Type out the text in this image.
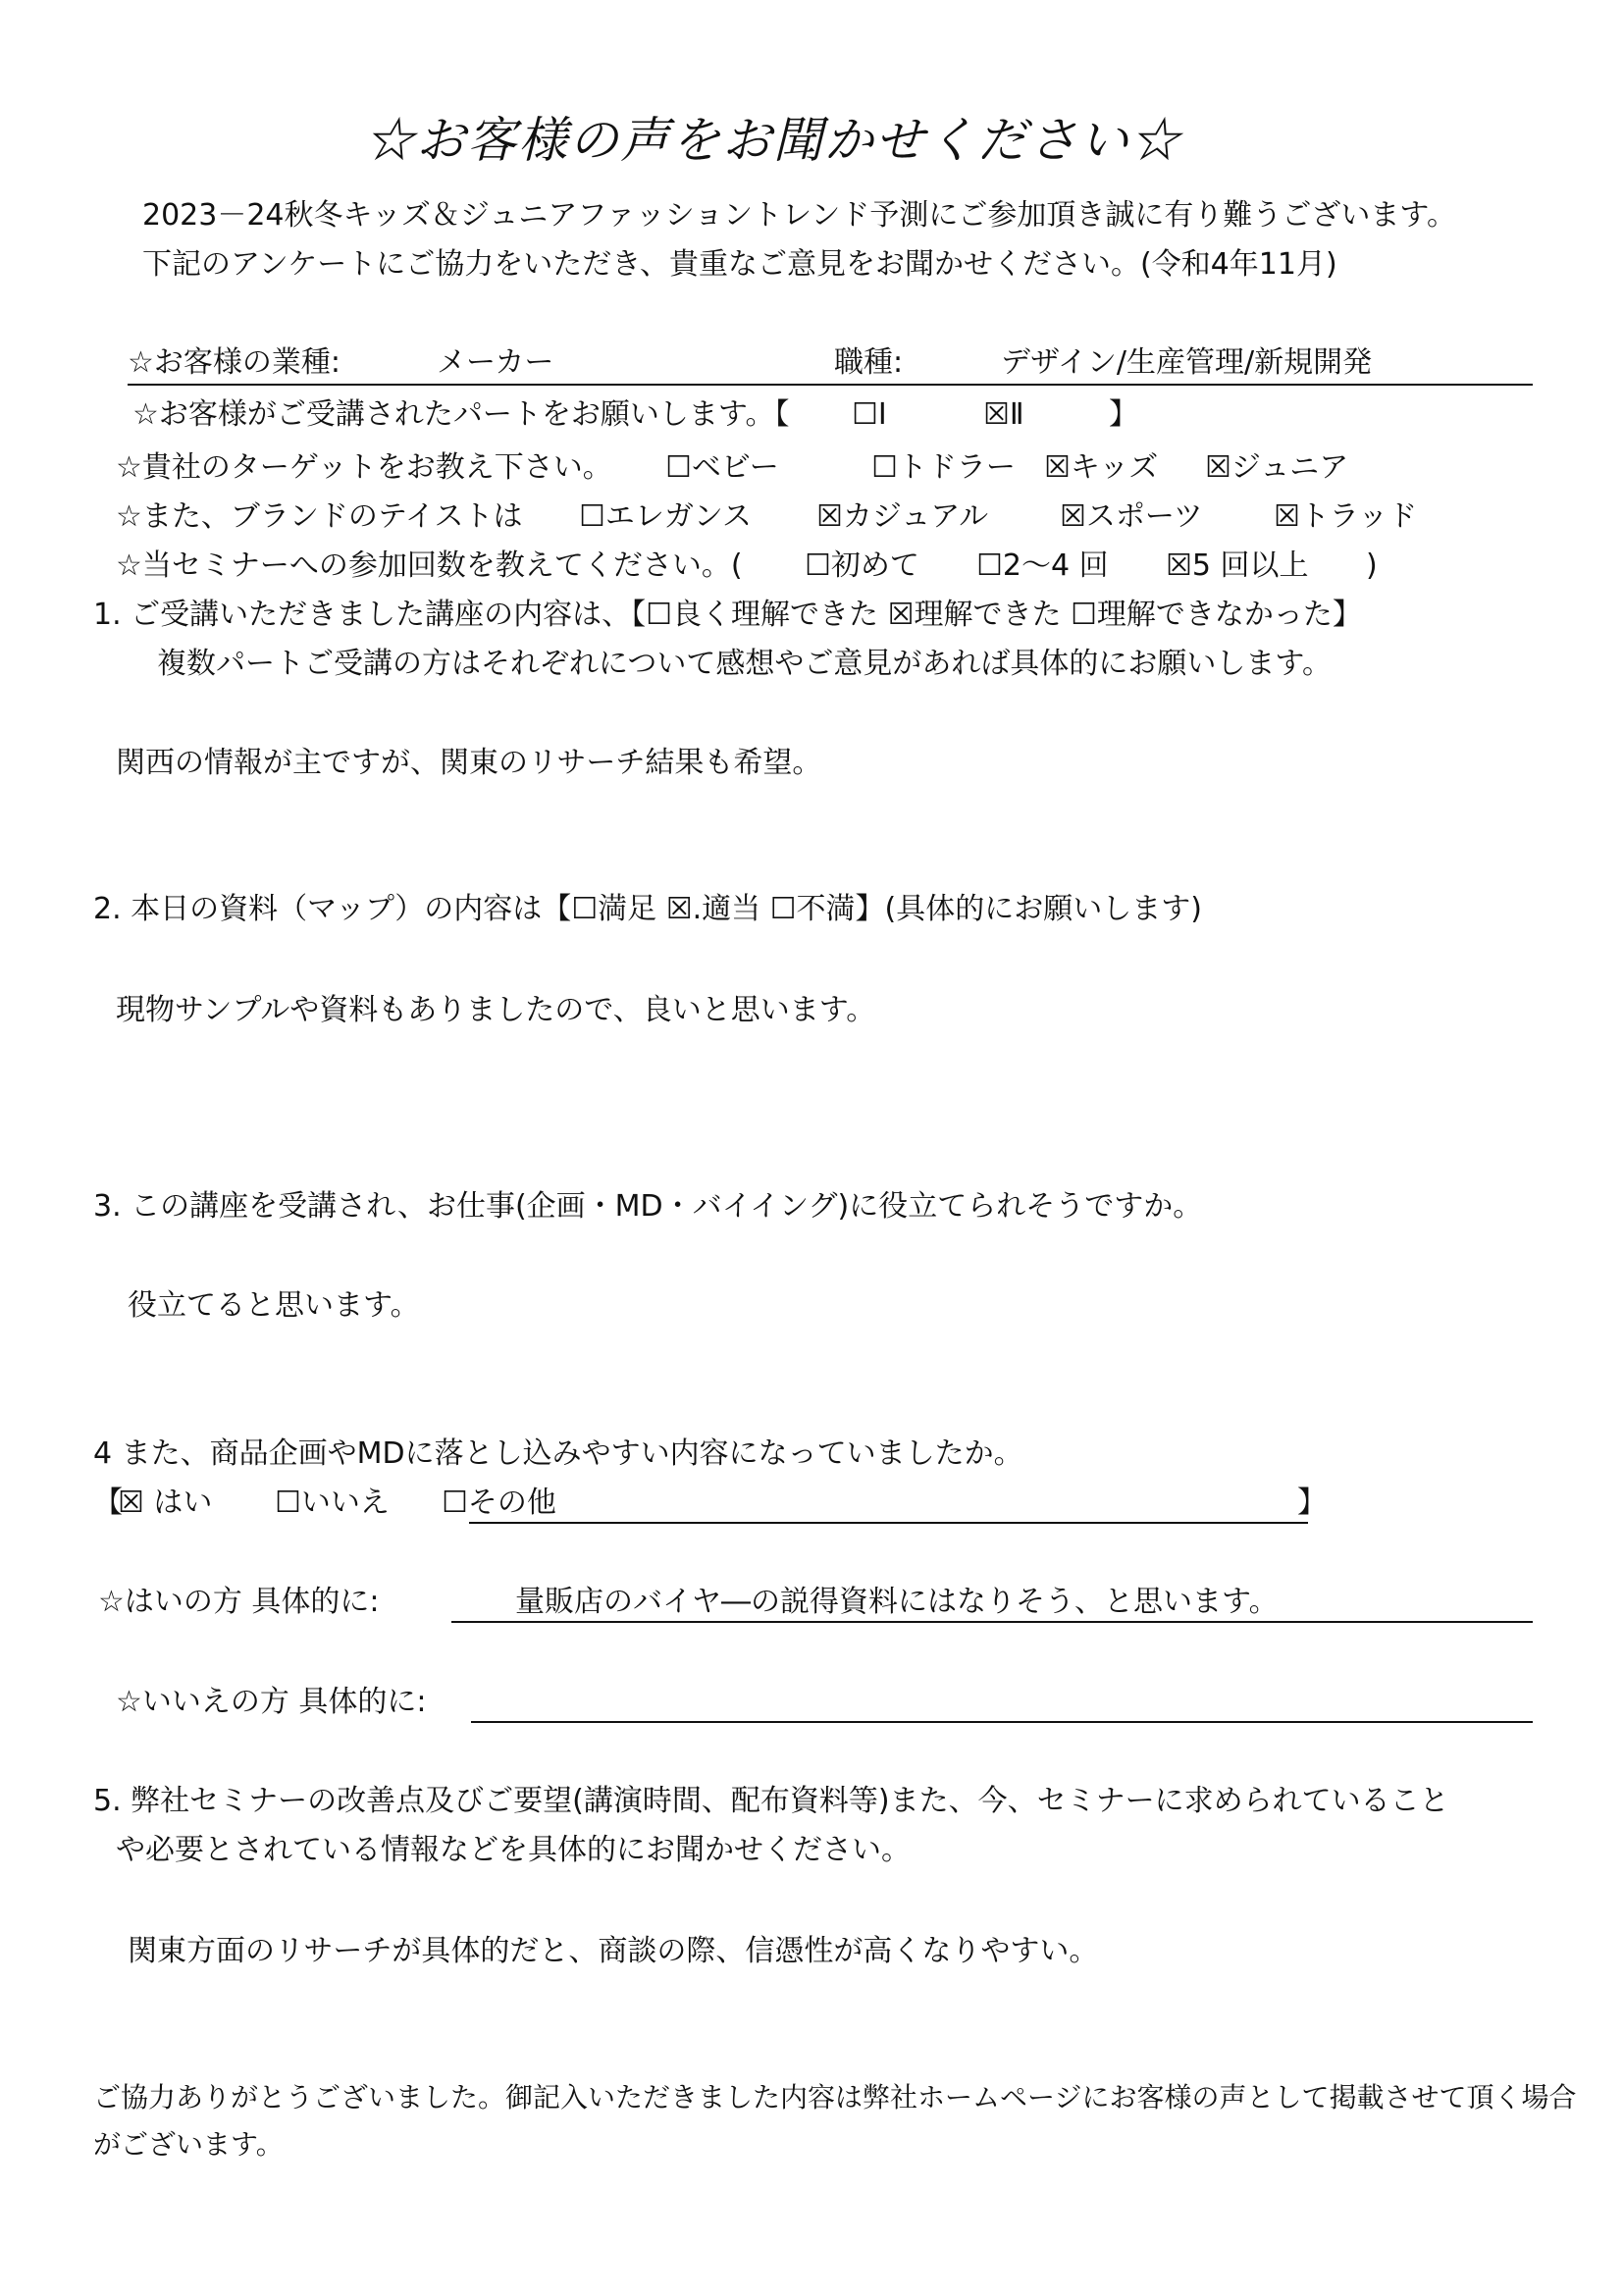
☆お客様の声をお聞かせください☆
2023－24秋冬キッズ＆ジュニアファッショントレンド予測にご参加頂き誠に有り難うございます。
下記のアンケートにご協力をいただき、貴重なご意見をお聞かせください。(令和4年11月)
☆お客様の業種:	メーカー	職種:	デザイン/生産管理/新規開発
☆お客様がご受講されたパートをお願いします。【 ☐Ⅰ	☒Ⅱ	】
☆貴社のターゲットをお教え下さい。 ☐ベビー	☐トドラー ☒キッズ ☒ジュニア
☆また、ブランドのテイストは ☐エレガンス ☒カジュアル ☒スポーツ ☒トラッド
☆当セミナーへの参加回数を教えてください。( ☐初めて ☐2～4 回 ☒5 回以上 )
1. ご受講いただきました講座の内容は、【☐良く理解できた ☒理解できた ☐理解できなかった】
複数パートご受講の方はそれぞれについて感想やご意見があれば具体的にお願いします。
関西の情報が主ですが、関東のリサーチ結果も希望。
2. 本日の資料（マップ）の内容は【☐満足 ☒.適当 ☐不満】(具体的にお願いします)
現物サンプルや資料もありましたので、良いと思います。
3. この講座を受講され、お仕事(企画・MD・バイイング)に役立てられそうですか。
役立てると思います。
4 また、商品企画やMDに落とし込みやすい内容になっていましたか。
【
☒ はい ☐いいえ ☐その他	】
☆はいの方 具体的に:	量販店のバイヤ―の説得資料にはなりそう、と思います。
☆いいえの方 具体的に:
5. 弊社セミナーの改善点及びご要望(講演時間、配布資料等)また、今、セミナーに求められていること
や必要とされている情報などを具体的にお聞かせください。
関東方面のリサーチが具体的だと、商談の際、信憑性が高くなりやすい。
ご協力ありがとうございました。御記入いただきました内容は弊社ホームページにお客様の声として掲載させて頂く場合
がございます。
